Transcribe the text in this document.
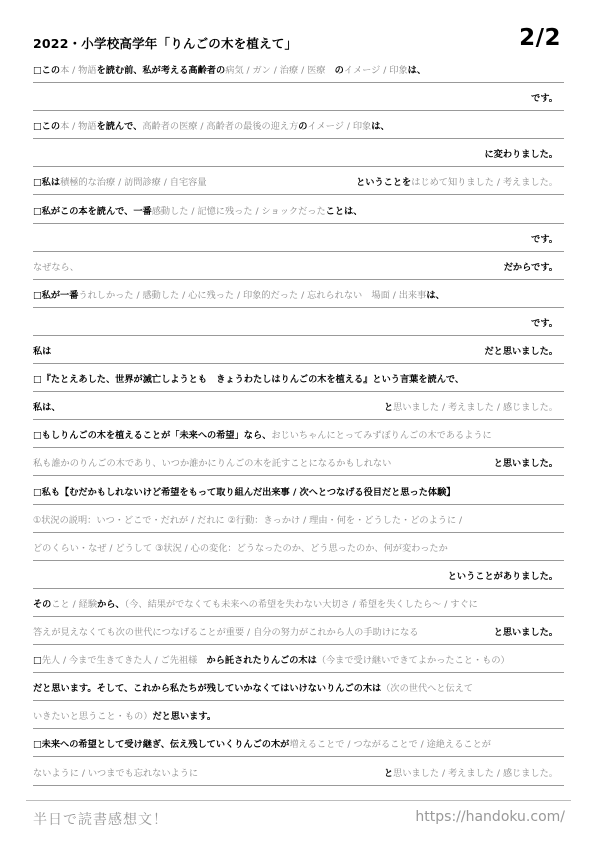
2022・小学校高学年「りんごの木を植えて」	2/2
□この本 / 物語を読む前、私が考える高齢者の病気 / ガン / 治療 / 医療　のイメージ / 印象は、
です。
□この本 / 物語を読んで、高齢者の医療 / 高齢者の最後の迎え方のイメージ / 印象は、
に変わりました。
□私は積極的な治療 / 訪問診療 / 自宅容量	ということをはじめて知りました / 考えました。
□私がこの本を読んで、一番感動した / 記憶に残った / ショックだったことは、
です。
なぜなら、	だからです。
□私が一番うれしかった / 感動した / 心に残った / 印象的だった / 忘れられない　場面 / 出来事は、
です。
私は	だと思いました。
□『たとえあした、世界が滅亡しようとも　きょうわたしはりんごの木を植える』という言葉を読んで、
私は、	と思いました / 考えました / 感じました。
□もしりんごの木を植えることが「未来への希望」なら、おじいちゃんにとってみずぼりんごの木であるように
私も誰かのりんごの木であり、いつか誰かにりんごの木を託すことになるかもしれない	と思いました。
□私も【むだかもしれないけど希望をもって取り組んだ出来事 / 次へとつなげる役目だと思った体験】
①状況の説明：いつ・どこで・だれが / だれに ②行動：きっかけ / 理由・何を・どうした・どのように /
どのくらい・なぜ / どうして ③状況 / 心の変化：どうなったのか、どう思ったのか、何が変わったか
ということがありました。
そのこと / 経験から、（今、結果がでなくても未来への希望を失わない大切さ / 希望を失くしたら～ / すぐに
答えが見えなくても次の世代につなげることが重要 / 自分の努力がこれから人の手助けになる	と思いました。
□先人 / 今まで生きてきた人 / ご先祖様　から託されたりんごの木は（今まで受け継いできてよかったこと・もの）
だと思います。そして、これから私たちが残していかなくてはいけないりんごの木は（次の世代へと伝えて
いきたいと思うこと・もの）だと思います。
□未来への希望として受け継ぎ、伝え残していくりんごの木が増えることで / つながることで / 途絶えることが
ないように / いつまでも忘れないように	と思いました / 考えました / 感じました。
半日で読書感想文！	https://handoku.com/
